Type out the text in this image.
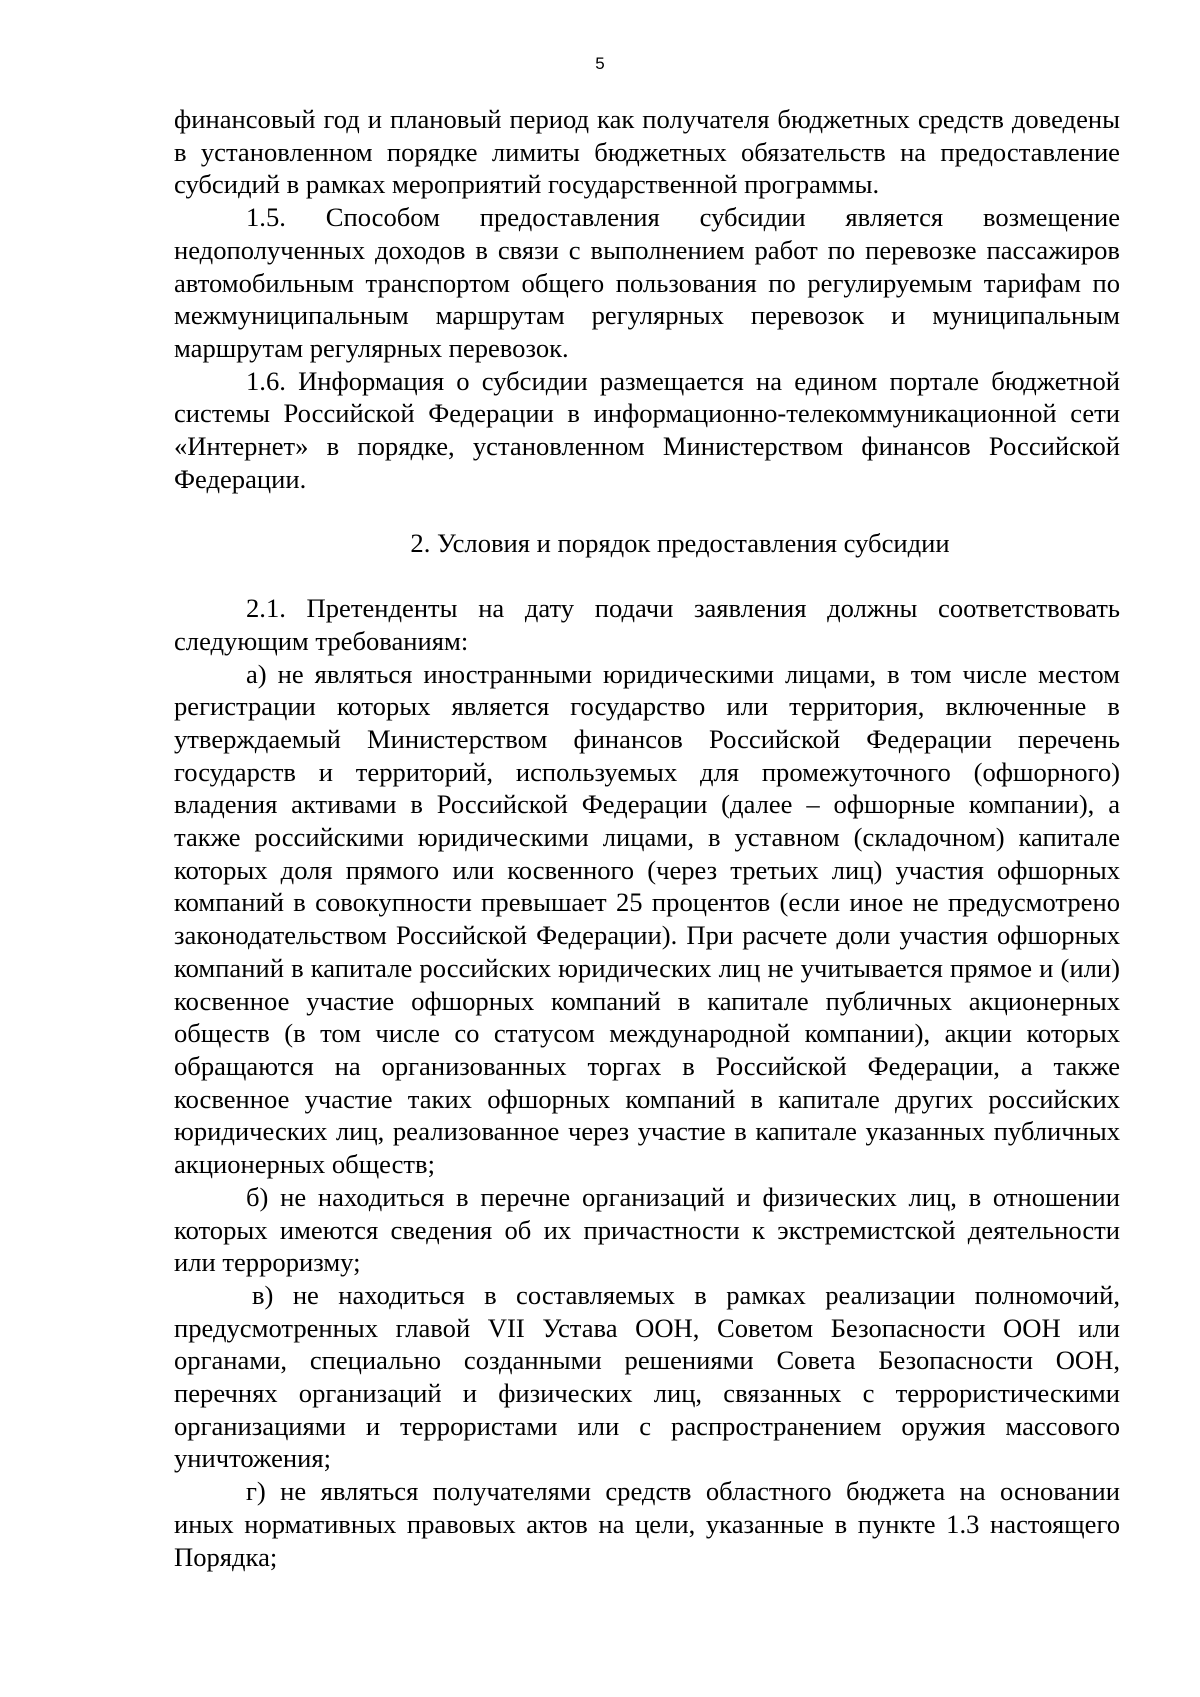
5

финансовый год и плановый период как получателя бюджетных средств доведены в установленном порядке лимиты бюджетных обязательств на предоставление субсидий в рамках мероприятий государственной программы.

1.5. Способом предоставления субсидии является возмещение недополученных доходов в связи с выполнением работ по перевозке пассажиров автомобильным транспортом общего пользования по регулируемым тарифам по межмуниципальным маршрутам регулярных перевозок и муниципальным маршрутам регулярных перевозок.

1.6. Информация о субсидии размещается на едином портале бюджетной системы Российской Федерации в информационно-телекоммуникационной сети «Интернет» в порядке, установленном Министерством финансов Российской Федерации.

2. Условия и порядок предоставления субсидии

2.1. Претенденты на дату подачи заявления должны соответствовать следующим требованиям:

а) не являться иностранными юридическими лицами, в том числе местом регистрации которых является государство или территория, включенные в утверждаемый Министерством финансов Российской Федерации перечень государств и территорий, используемых для промежуточного (офшорного) владения активами в Российской Федерации (далее – офшорные компании), а также российскими юридическими лицами, в уставном (складочном) капитале которых доля прямого или косвенного (через третьих лиц) участия офшорных компаний в совокупности превышает 25 процентов (если иное не предусмотрено законодательством Российской Федерации). При расчете доли участия офшорных компаний в капитале российских юридических лиц не учитывается прямое и (или) косвенное участие офшорных компаний в капитале публичных акционерных обществ (в том числе со статусом международной компании), акции которых обращаются на организованных торгах в Российской Федерации, а также косвенное участие таких офшорных компаний в капитале других российских юридических лиц, реализованное через участие в капитале указанных публичных акционерных обществ;

б) не находиться в перечне организаций и физических лиц, в отношении которых имеются сведения об их причастности к экстремистской деятельности или терроризму;

в) не находиться в составляемых в рамках реализации полномочий, предусмотренных главой VII Устава ООН, Советом Безопасности ООН или органами, специально созданными решениями Совета Безопасности ООН, перечнях организаций и физических лиц, связанных с террористическими организациями и террористами или с распространением оружия массового уничтожения;

г) не являться получателями средств областного бюджета на основании иных нормативных правовых актов на цели, указанные в пункте 1.3 настоящего Порядка;
